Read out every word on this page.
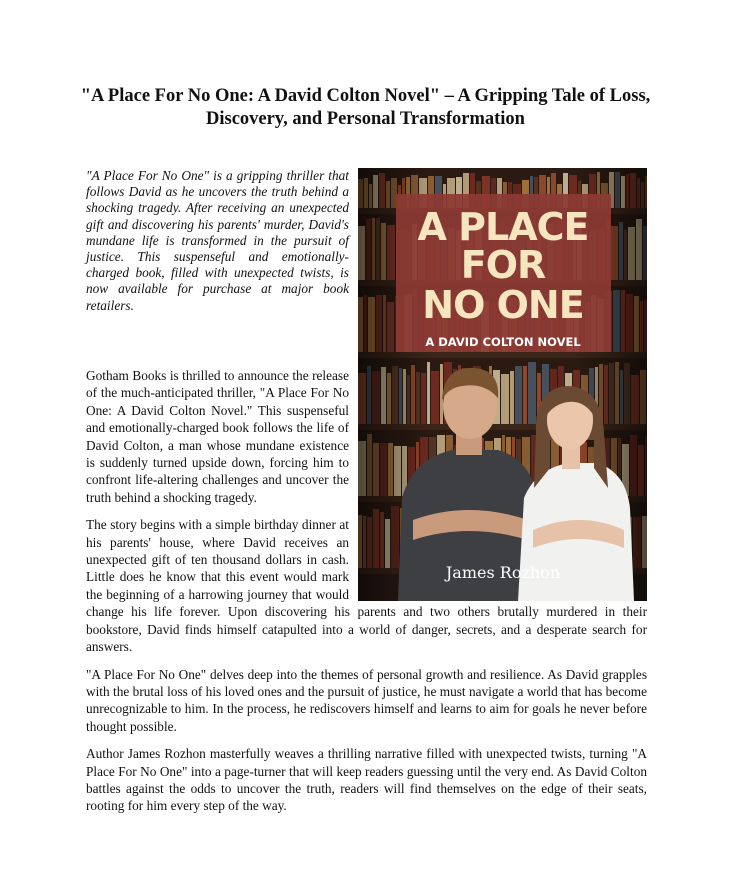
"A Place For No One: A David Colton Novel" – A Gripping Tale of Loss, Discovery, and Personal Transformation

"A Place For No One" is a gripping thriller that follows David as he uncovers the truth behind a shocking tragedy. After receiving an unexpected gift and discovering his parents' murder, David's mundane life is transformed in the pursuit of justice. This suspenseful and emotionally-charged book, filled with unexpected twists, is now available for purchase at major book retailers.

A PLACE
FOR
NO ONE
A DAVID COLTON NOVEL
James Rozhon

Gotham Books is thrilled to announce the release of the much-anticipated thriller, "A Place For No One: A David Colton Novel." This suspenseful and emotionally-charged book follows the life of David Colton, a man whose mundane existence is suddenly turned upside down, forcing him to confront life-altering challenges and uncover the truth behind a shocking tragedy.

The story begins with a simple birthday dinner at his parents' house, where David receives an unexpected gift of ten thousand dollars in cash. Little does he know that this event would mark the beginning of a harrowing journey that would change his life forever. Upon discovering his parents and two others brutally murdered in their bookstore, David finds himself catapulted into a world of danger, secrets, and a desperate search for answers.

"A Place For No One" delves deep into the themes of personal growth and resilience. As David grapples with the brutal loss of his loved ones and the pursuit of justice, he must navigate a world that has become unrecognizable to him. In the process, he rediscovers himself and learns to aim for goals he never before thought possible.

Author James Rozhon masterfully weaves a thrilling narrative filled with unexpected twists, turning "A Place For No One" into a page-turner that will keep readers guessing until the very end. As David Colton battles against the odds to uncover the truth, readers will find themselves on the edge of their seats, rooting for him every step of the way.
